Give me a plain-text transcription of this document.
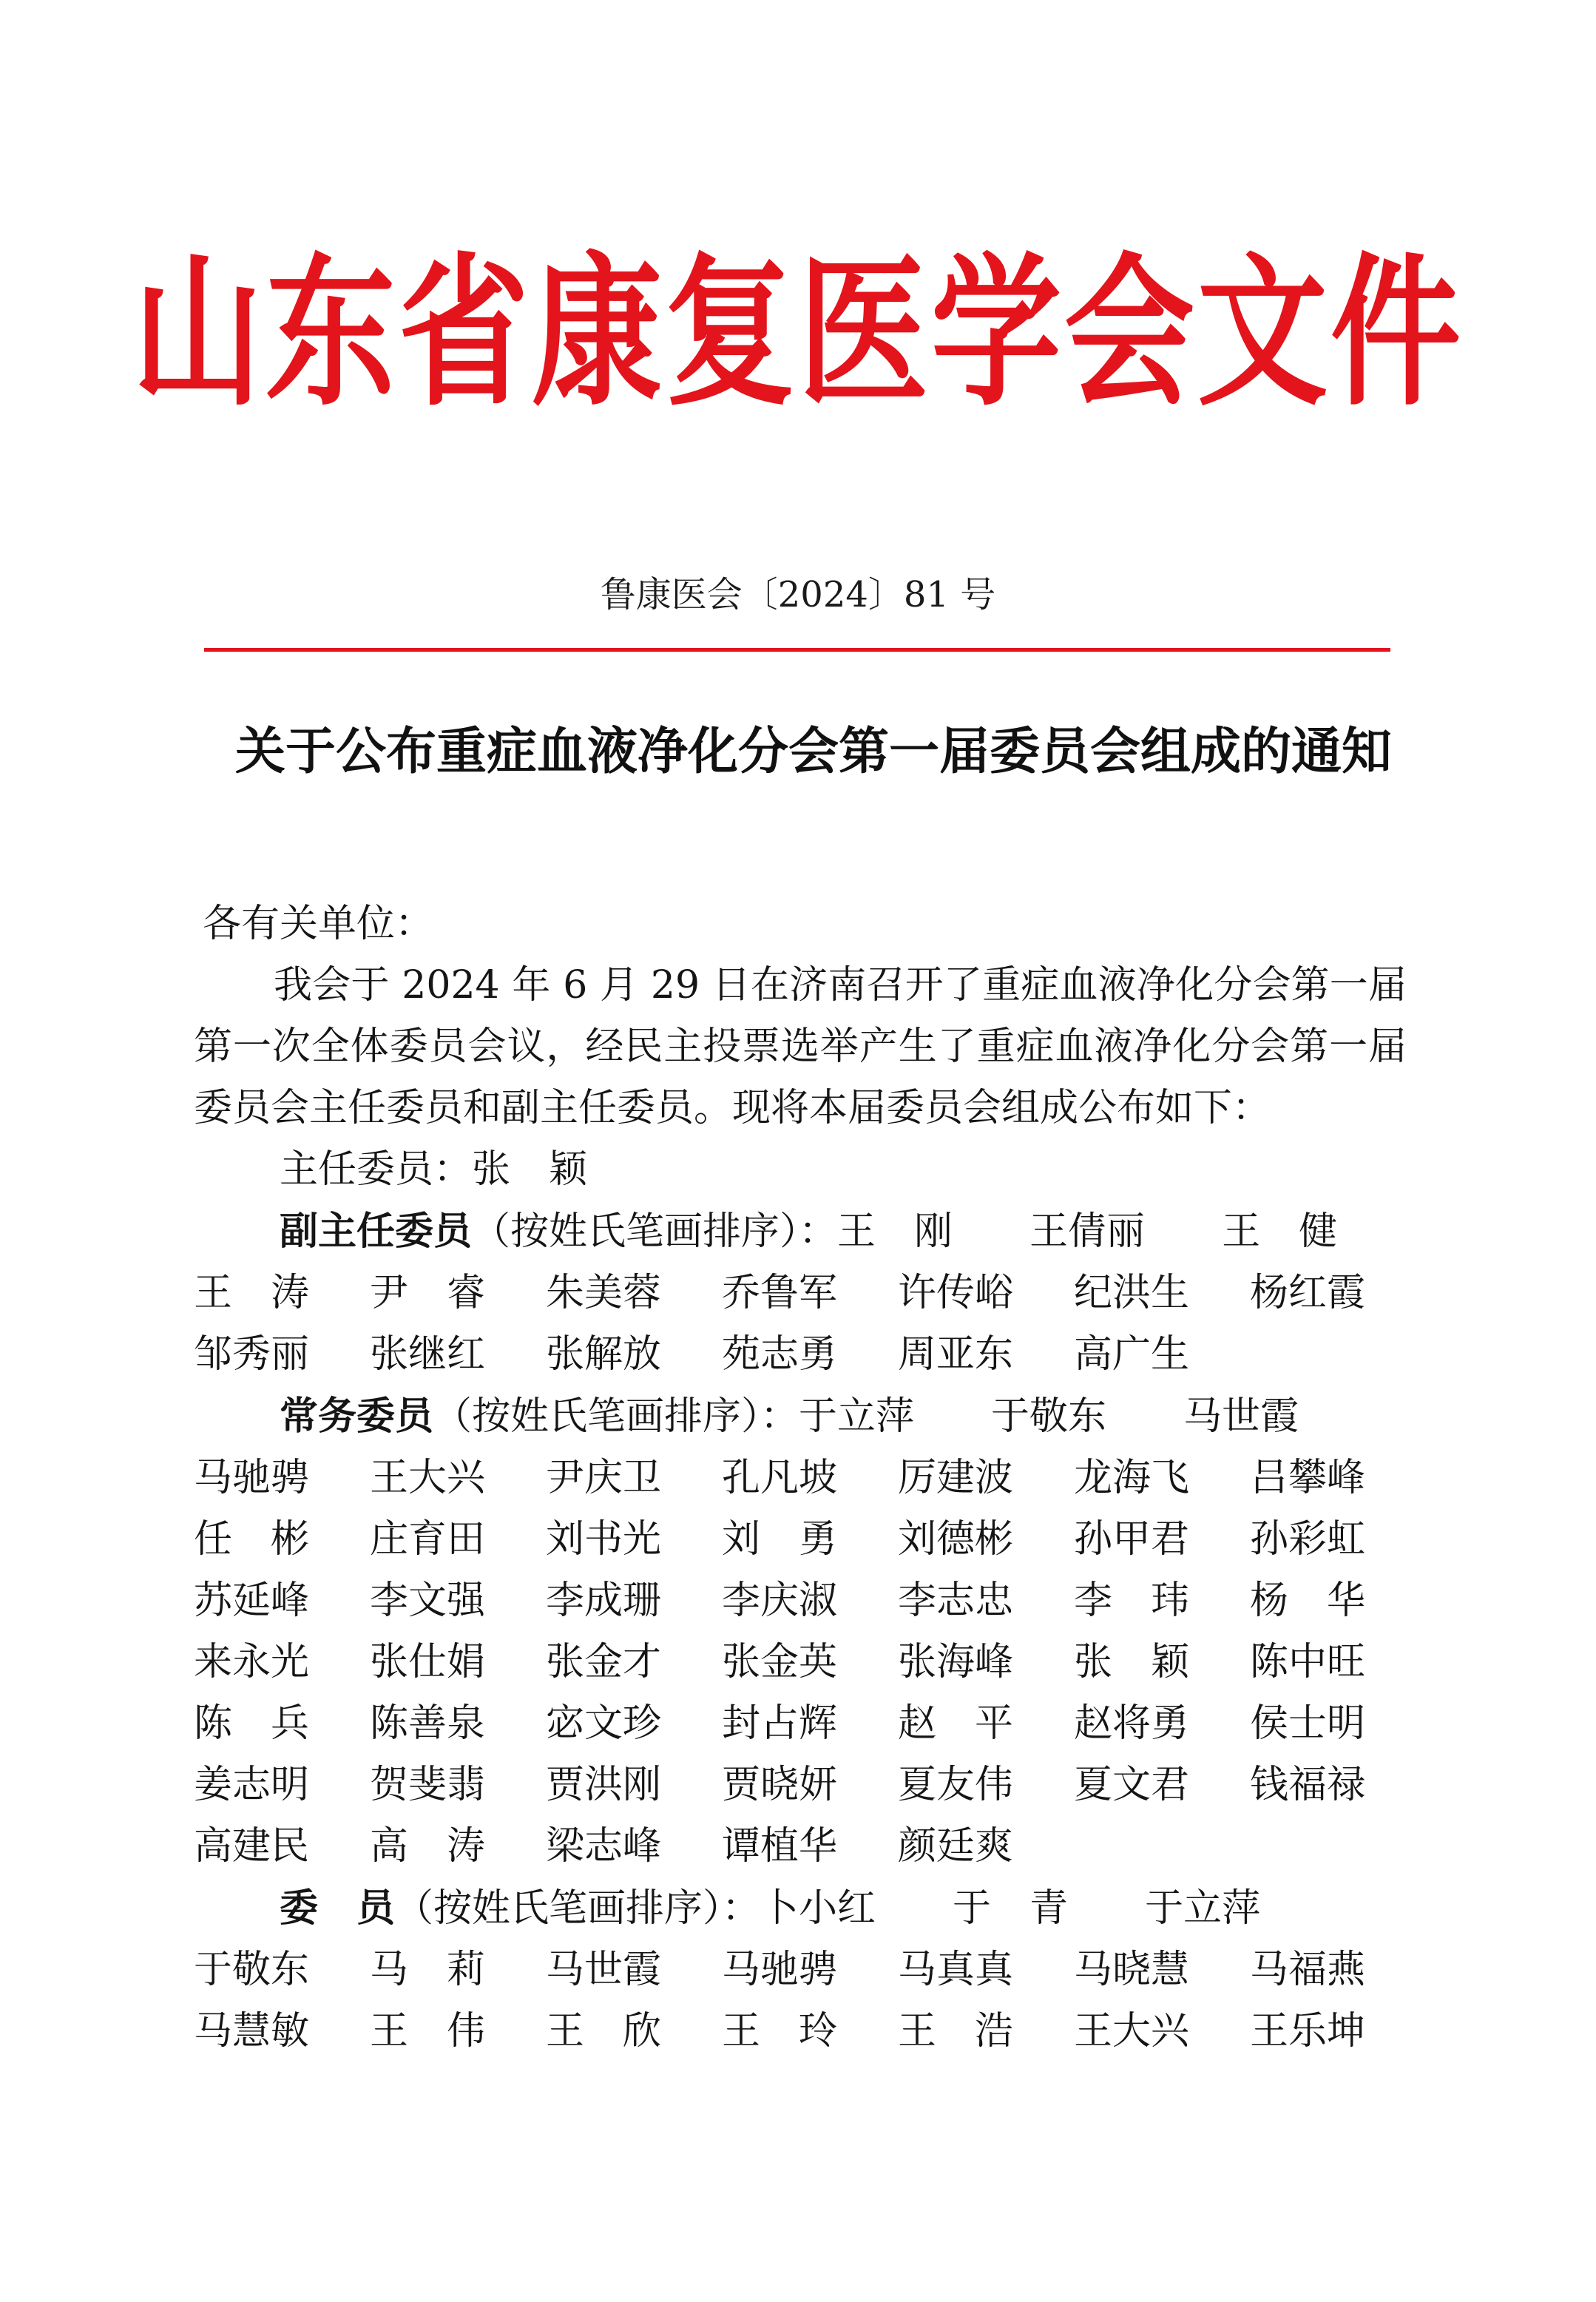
山东省康复医学会文件
鲁康医会〔2024〕81 号
关于公布重症血液净化分会第一届委员会组成的通知

各有关单位：

我会于 2024 年 6 月 29 日在济南召开了重症血液净化分会第一届第一次全体委员会议，经民主投票选举产生了重症血液净化分会第一届委员会主任委员和副主任委员。现将本届委员会组成公布如下：

主任委员：张　颖

副主任委员（按姓氏笔画排序）：王　刚　　王倩丽　　王　健

王　涛	尹　睿	朱美蓉	乔鲁军	许传峪	纪洪生	杨红霞
邹秀丽	张继红	张解放	苑志勇	周亚东	高广生

常务委员（按姓氏笔画排序）：于立萍　　于敬东　　马世霞

马驰骋	王大兴	尹庆卫	孔凡坡	厉建波	龙海飞	吕攀峰
任　彬	庄育田	刘书光	刘　勇	刘德彬	孙甲君	孙彩虹
苏延峰	李文强	李成珊	李庆淑	李志忠	李　玮	杨　华
来永光	张仕娟	张金才	张金英	张海峰	张　颖	陈中旺
陈　兵	陈善泉	宓文珍	封占辉	赵　平	赵将勇	侯士明
姜志明	贺斐翡	贾洪刚	贾晓妍	夏友伟	夏文君	钱福禄
高建民	高　涛	梁志峰	谭植华	颜廷爽

委　员（按姓氏笔画排序）：卜小红　　于　青　　于立萍

于敬东	马　莉	马世霞	马驰骋	马真真	马晓慧	马福燕
马慧敏	王　伟	王　欣	王　玲	王　浩	王大兴	王乐坤
